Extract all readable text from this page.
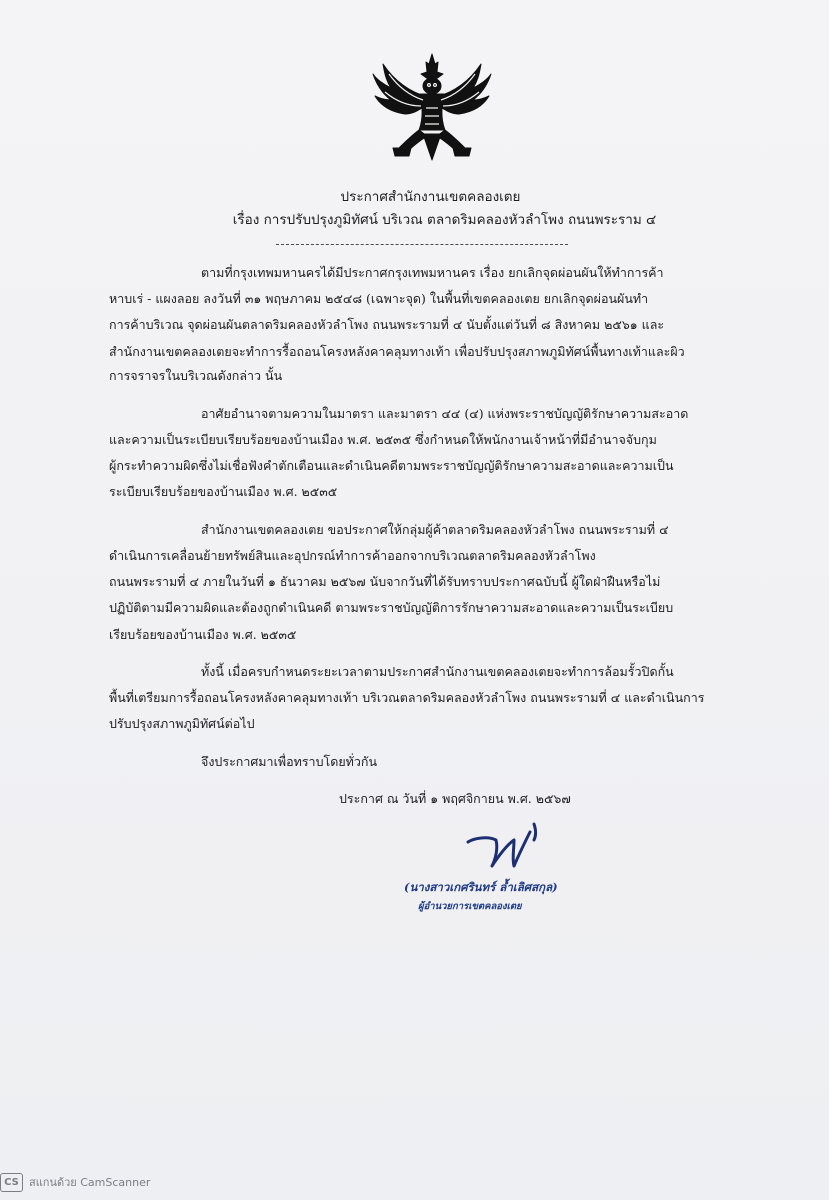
ประกาศสำนักงานเขตคลองเตย
เรื่อง การปรับปรุงภูมิทัศน์ บริเวณ ตลาดริมคลองหัวลำโพง ถนนพระราม ๔
ตามที่กรุงเทพมหานครได้มีประกาศกรุงเทพมหานคร เรื่อง ยกเลิกจุดผ่อนผันให้ทำการค้า
หาบเร่ - แผงลอย ลงวันที่ ๓๑ พฤษภาคม ๒๕๔๘ (เฉพาะจุด) ในพื้นที่เขตคลองเตย ยกเลิกจุดผ่อนผันทำ
การค้าบริเวณ จุดผ่อนผันตลาดริมคลองหัวลำโพง ถนนพระรามที่ ๔ นับตั้งแต่วันที่ ๘ สิงหาคม ๒๕๖๑ และ
สำนักงานเขตคลองเตยจะทำการรื้อถอนโครงหลังคาคลุมทางเท้า เพื่อปรับปรุงสภาพภูมิทัศน์พื้นทางเท้าและผิว
การจราจรในบริเวณดังกล่าว นั้น
อาศัยอำนาจตามความในมาตรา และมาตรา ๔๔ (๔) แห่งพระราชบัญญัติรักษาความสะอาด
และความเป็นระเบียบเรียบร้อยของบ้านเมือง พ.ศ. ๒๕๓๕ ซึ่งกำหนดให้พนักงานเจ้าหน้าที่มีอำนาจจับกุม
ผู้กระทำความผิดซึ่งไม่เชื่อฟังคำตักเตือนและดำเนินคดีตามพระราชบัญญัติรักษาความสะอาดและความเป็น
ระเบียบเรียบร้อยของบ้านเมือง พ.ศ. ๒๕๓๕
สำนักงานเขตคลองเตย ขอประกาศให้กลุ่มผู้ค้าตลาดริมคลองหัวลำโพง ถนนพระรามที่ ๔
ดำเนินการเคลื่อนย้ายทรัพย์สินและอุปกรณ์ทำการค้าออกจากบริเวณตลาดริมคลองหัวลำโพง
ถนนพระรามที่ ๔ ภายในวันที่ ๑ ธันวาคม ๒๕๖๗ นับจากวันที่ได้รับทราบประกาศฉบับนี้ ผู้ใดฝ่าฝืนหรือไม่
ปฏิบัติตามมีความผิดและต้องถูกดำเนินคดี ตามพระราชบัญญัติการรักษาความสะอาดและความเป็นระเบียบ
เรียบร้อยของบ้านเมือง พ.ศ. ๒๕๓๕
ทั้งนี้ เมื่อครบกำหนดระยะเวลาตามประกาศสำนักงานเขตคลองเตยจะทำการล้อมรั้วปิดกั้น
พื้นที่เตรียมการรื้อถอนโครงหลังคาคลุมทางเท้า บริเวณตลาดริมคลองหัวลำโพง ถนนพระรามที่ ๔ และดำเนินการ
ปรับปรุงสภาพภูมิทัศน์ต่อไป
จึงประกาศมาเพื่อทราบโดยทั่วกัน
ประกาศ ณ วันที่ ๑ พฤศจิกายน พ.ศ. ๒๕๖๗
(นางสาวเกศรินทร์ ล้ำเลิศสกุล)
ผู้อำนวยการเขตคลองเตย
CS สแกนด้วย CamScanner
